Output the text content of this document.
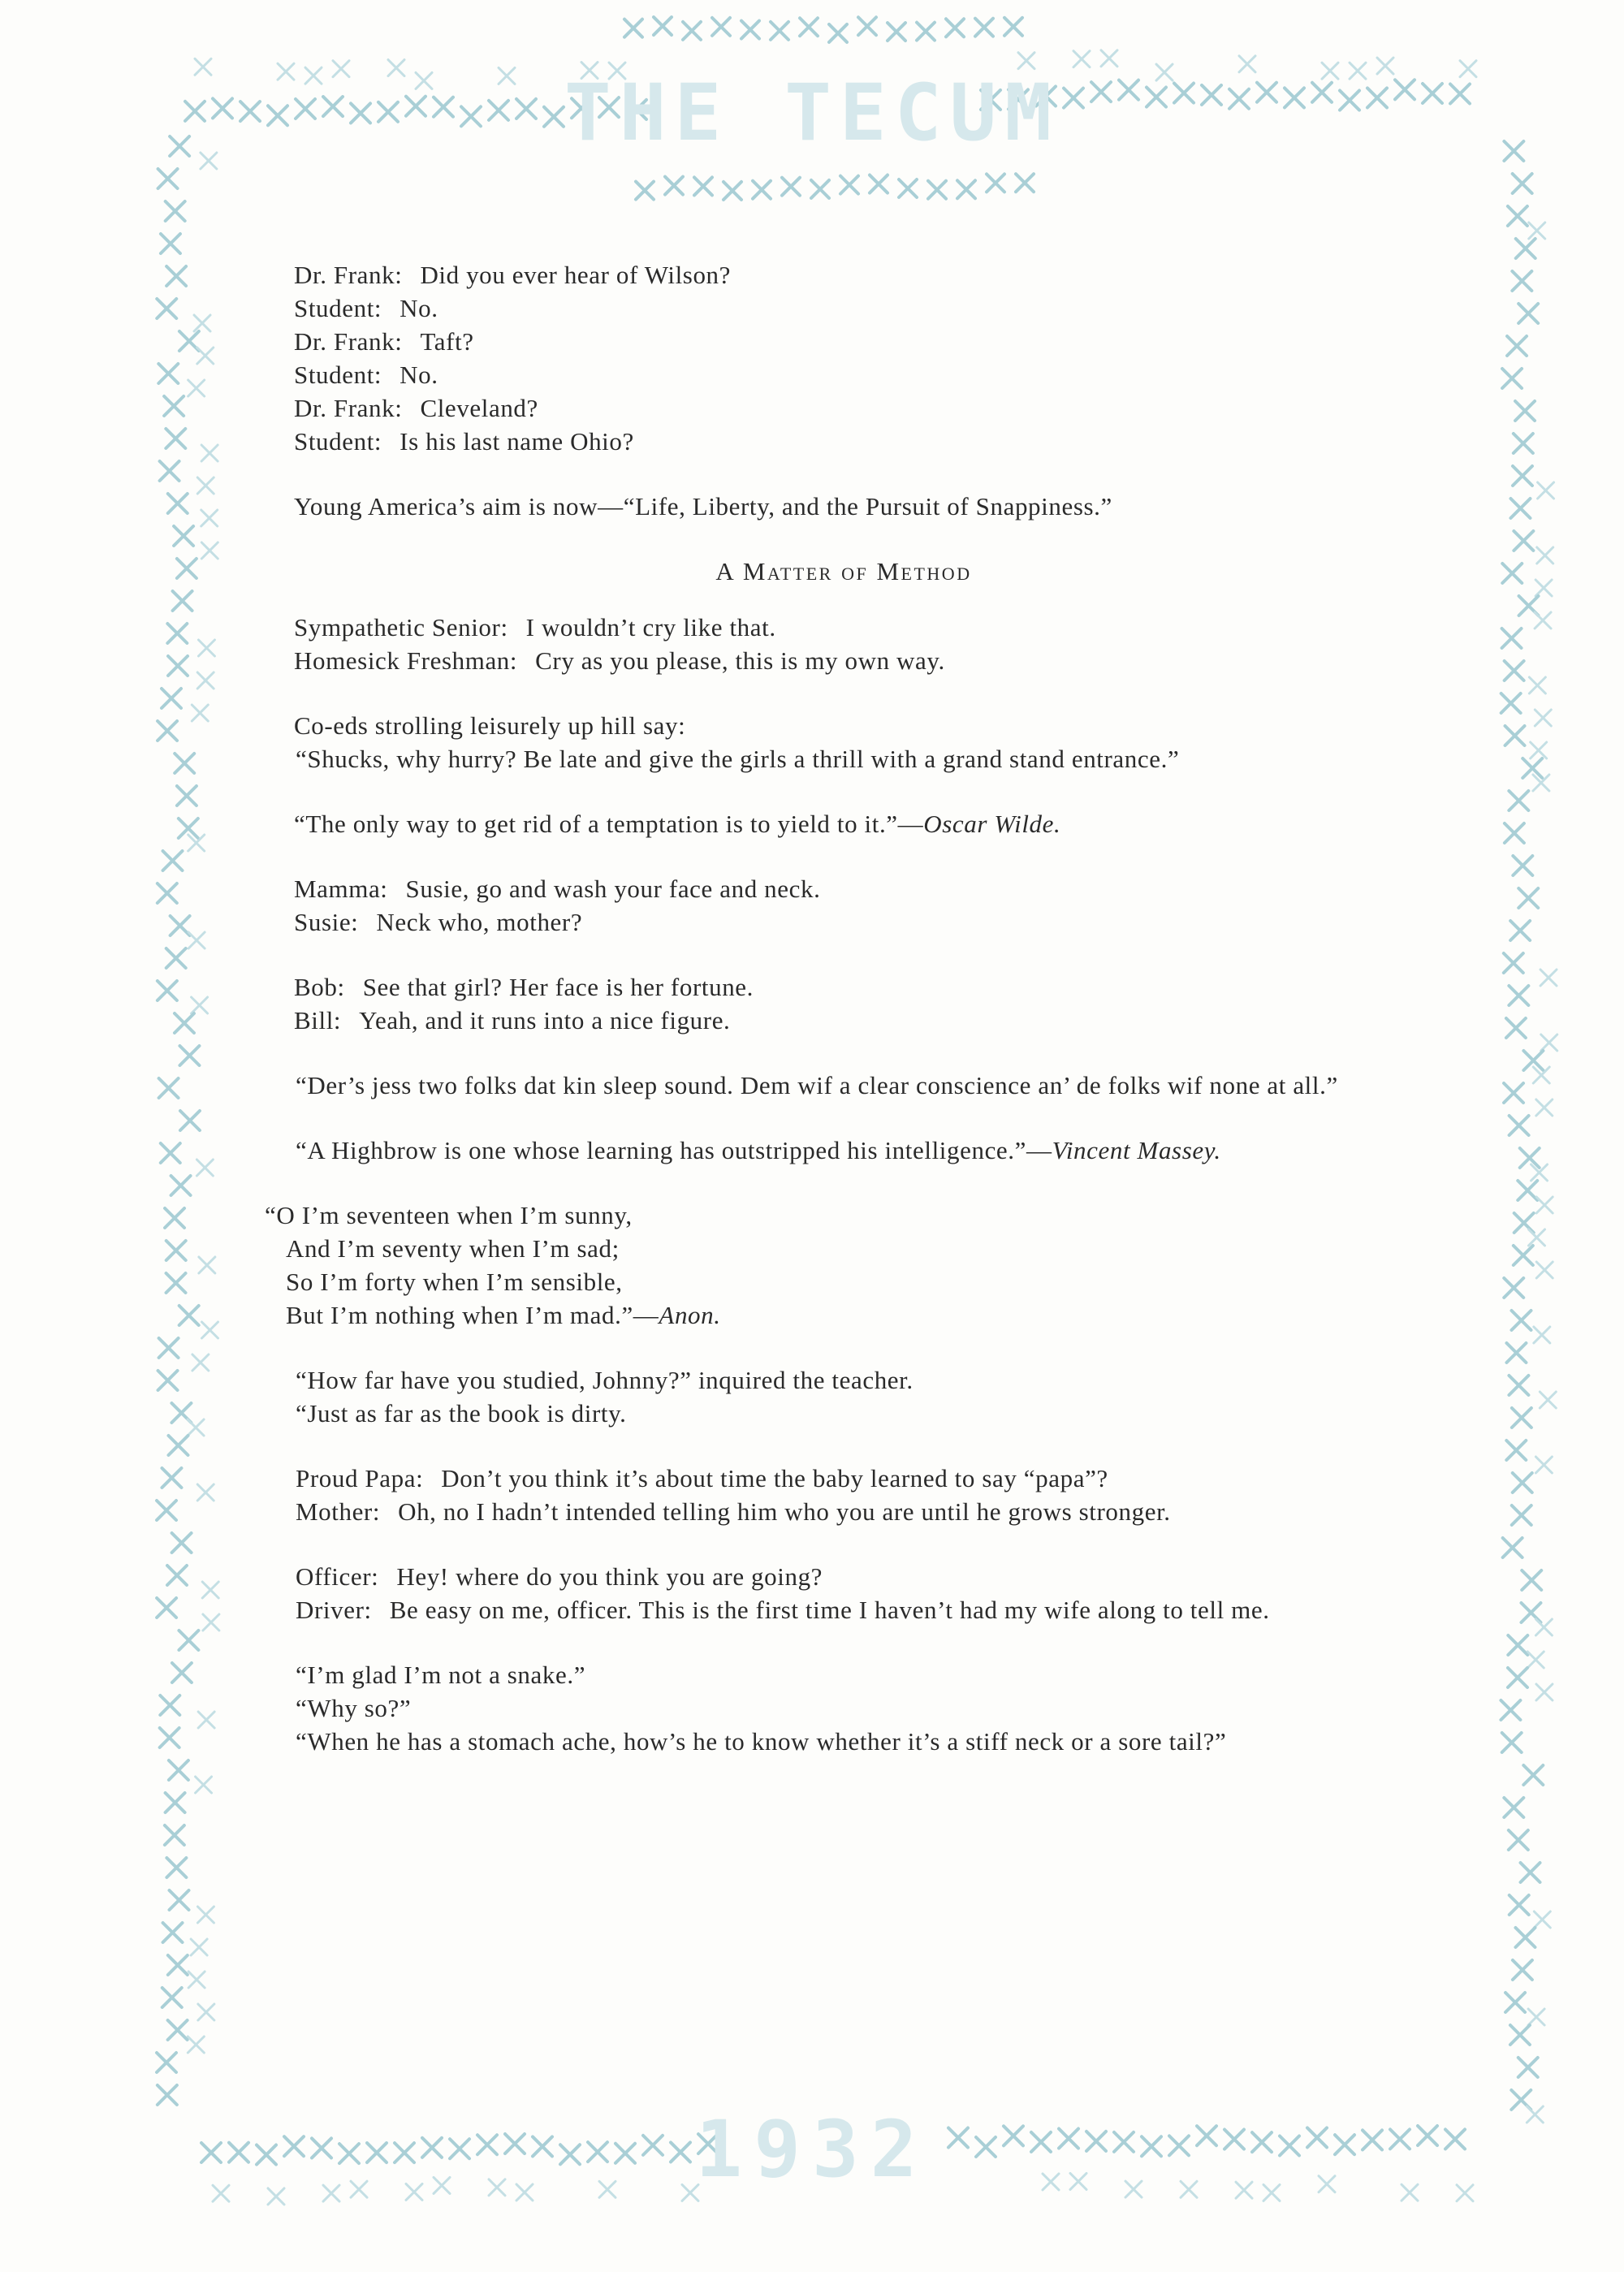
THE TECUM
1932

Dr. Frank: Did you ever hear of Wilson?

Student: No.

Dr. Frank: Taft?

Student: No.

Dr. Frank: Cleveland?

Student: Is his last name Ohio?

Young America’s aim is now—“Life, Liberty, and the Pursuit of Snappiness.”

A Matter of Method

Sympathetic Senior: I wouldn’t cry like that.

Homesick Freshman: Cry as you please, this is my own way.

Co-eds strolling leisurely up hill say:

“Shucks, why hurry? Be late and give the girls a thrill with a grand stand entrance.”

“The only way to get rid of a temptation is to yield to it.”—Oscar Wilde.

Mamma: Susie, go and wash your face and neck.

Susie: Neck who, mother?

Bob: See that girl? Her face is her fortune.

Bill: Yeah, and it runs into a nice figure.

“Der’s jess two folks dat kin sleep sound. Dem wif a clear conscience an’ de folks wif none at all.”

“A Highbrow is one whose learning has outstripped his intelligence.”—Vincent Massey.

“O I’m seventeen when I’m sunny,

And I’m seventy when I’m sad;

So I’m forty when I’m sensible,

But I’m nothing when I’m mad.”—Anon.

“How far have you studied, Johnny?” inquired the teacher.

“Just as far as the book is dirty.

Proud Papa: Don’t you think it’s about time the baby learned to say “papa”?

Mother: Oh, no I hadn’t intended telling him who you are until he grows stronger.

Officer: Hey! where do you think you are going?

Driver: Be easy on me, officer. This is the first time I haven’t had my wife along to tell me.

“I’m glad I’m not a snake.”

“Why so?”

“When he has a stomach ache, how’s he to know whether it’s a stiff neck or a sore tail?”
